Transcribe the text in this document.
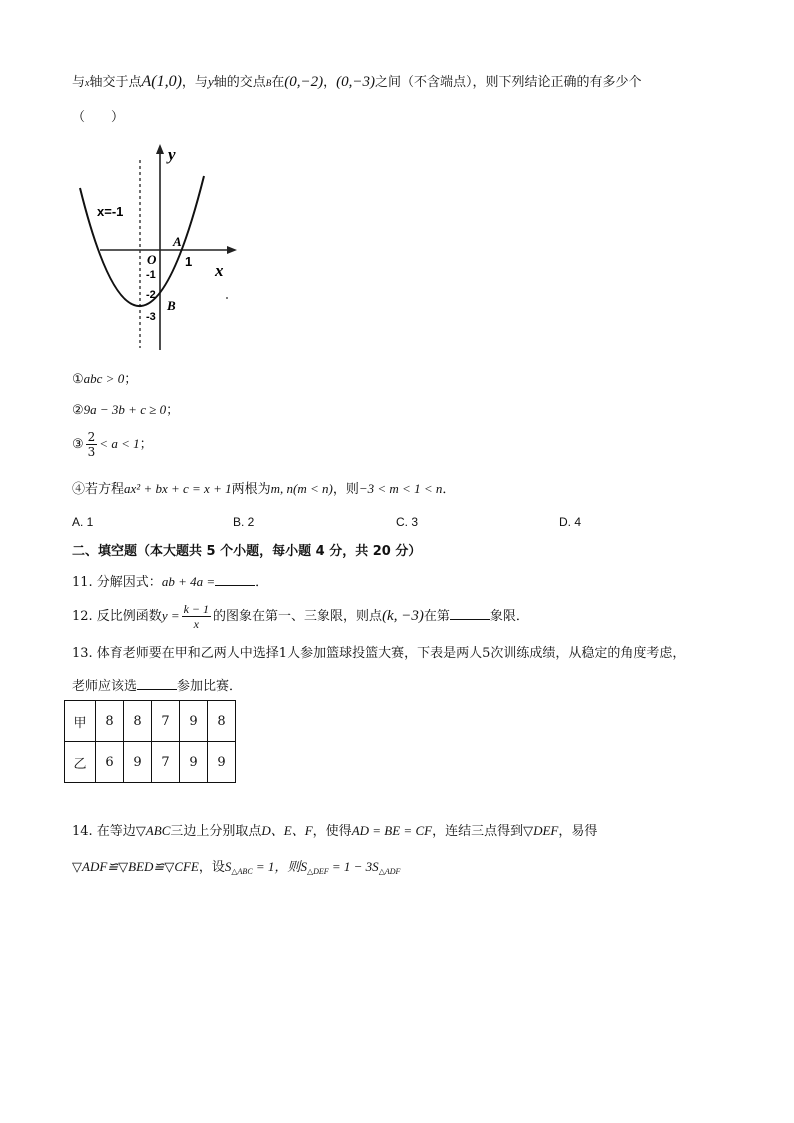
与x轴交于点A(1,0)，与y轴的交点B在(0,−2)，(0,−3)之间（不含端点），则下列结论正确的有多少个
（　　）
y
x
x=-1
O 1
A
B
-1
-2
-3
①abc > 0；
②9a − 3b + c ≥ 0；
③ $\frac{2}{3} < a < 1$；
④若方程ax² + bx + c = x + 1两根为m, n(m < n)，则−3 < m < 1 < n．
A. 1	B. 2	C. 3	D. 4
二、填空题（本大题共 5 个小题，每小题 4 分，共 20 分）
11. 分解因式：ab + 4a =	．
12. 反比例函数$y = \frac{k - 1}{x}$ 的图象在第一、三象限，则点(k, −3)在第	象限．
13. 体育老师要在甲和乙两人中选择1人参加篮球投篮大赛，下表是两人5次训练成绩，从稳定的角度考虑，
老师应该选	参加比赛．
甲	8	8	7	9	8
乙	6	9	7	9	9
14. 在等边▽ABC三边上分别取点D、E、F，使得AD = BE = CF，连结三点得到▽DEF，易得
▽ADF≌▽BED≌▽CFE，设$S_{\triangle ABC} = 1$，则$S_{\triangle DEF} = 1 - 3S_{\triangle ADF}$
